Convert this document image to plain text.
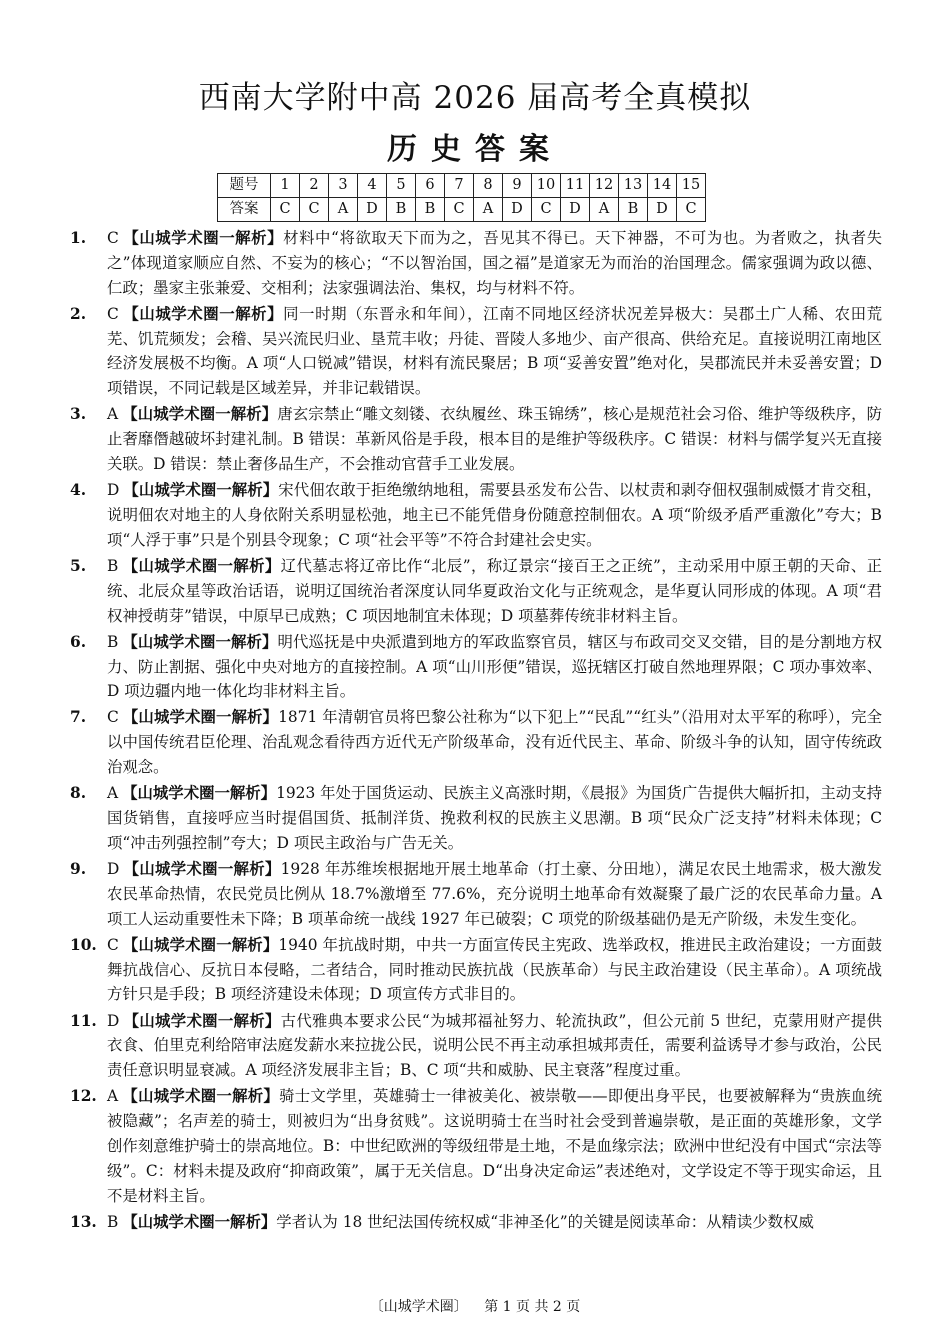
西南大学附中高 2026 届高考全真模拟
历史答案
题号	1	2	3	4	5	6	7	8	9	10	11	12	13	14	15
答案	C	C	A	D	B	B	C	A	D	C	D	A	B	D	C
1.	C 【山城学术圈一解析】材料中“将欲取天下而为之，吾见其不得已。天下神器，不可为也。为者败之，执者失之”体现道家顺应自然、不妄为的核心；“不以智治国，国之福”是道家无为而治的治国理念。儒家强调为政以德、仁政；墨家主张兼爱、交相利；法家强调法治、集权，均与材料不符。
2.	C 【山城学术圈一解析】同一时期（东晋永和年间），江南不同地区经济状况差异极大：吴郡土广人稀、农田荒芜、饥荒频发；会稽、吴兴流民归业、垦荒丰收；丹徒、晋陵人多地少、亩产很高、供给充足。直接说明江南地区经济发展极不均衡。A 项“人口锐减”错误，材料有流民聚居；B 项“妥善安置”绝对化，吴郡流民并未妥善安置；D 项错误，不同记载是区域差异，并非记载错误。
3.	A 【山城学术圈一解析】唐玄宗禁止“雕文刻镂、衣纨履丝、珠玉锦绣”，核心是规范社会习俗、维护等级秩序，防止奢靡僭越破坏封建礼制。B 错误：革新风俗是手段，根本目的是维护等级秩序。C 错误：材料与儒学复兴无直接关联。D 错误：禁止奢侈品生产，不会推动官营手工业发展。
4.	D 【山城学术圈一解析】宋代佃农敢于拒绝缴纳地租，需要县丞发布公告、以杖责和剥夺佃权强制威慑才肯交租，说明佃农对地主的人身依附关系明显松弛，地主已不能凭借身份随意控制佃农。A 项“阶级矛盾严重激化”夸大；B 项“人浮于事”只是个别县令现象；C 项“社会平等”不符合封建社会史实。
5.	B 【山城学术圈一解析】辽代墓志将辽帝比作“北辰”，称辽景宗“接百王之正统”，主动采用中原王朝的天命、正统、北辰众星等政治话语，说明辽国统治者深度认同华夏政治文化与正统观念，是华夏认同形成的体现。A 项“君权神授萌芽”错误，中原早已成熟；C 项因地制宜未体现；D 项墓葬传统非材料主旨。
6.	B 【山城学术圈一解析】明代巡抚是中央派遣到地方的军政监察官员，辖区与布政司交叉交错，目的是分割地方权力、防止割据、强化中央对地方的直接控制。A 项“山川形便”错误，巡抚辖区打破自然地理界限；C 项办事效率、D 项边疆内地一体化均非材料主旨。
7.	C 【山城学术圈一解析】1871 年清朝官员将巴黎公社称为“以下犯上”“民乱”“红头”（沿用对太平军的称呼），完全以中国传统君臣伦理、治乱观念看待西方近代无产阶级革命，没有近代民主、革命、阶级斗争的认知，固守传统政治观念。
8.	A 【山城学术圈一解析】1923 年处于国货运动、民族主义高涨时期，《晨报》为国货广告提供大幅折扣，主动支持国货销售，直接呼应当时提倡国货、抵制洋货、挽救利权的民族主义思潮。B 项“民众广泛支持”材料未体现；C 项“冲击列强控制”夸大；D 项民主政治与广告无关。
9.	D 【山城学术圈一解析】1928 年苏维埃根据地开展土地革命（打土豪、分田地），满足农民土地需求，极大激发农民革命热情，农民党员比例从 18.7%激增至 77.6%，充分说明土地革命有效凝聚了最广泛的农民革命力量。A 项工人运动重要性未下降；B 项革命统一战线 1927 年已破裂；C 项党的阶级基础仍是无产阶级，未发生变化。
10. C 【山城学术圈一解析】1940 年抗战时期，中共一方面宣传民主宪政、选举政权，推进民主政治建设；一方面鼓舞抗战信心、反抗日本侵略，二者结合，同时推动民族抗战（民族革命）与民主政治建设（民主革命）。A 项统战方针只是手段；B 项经济建设未体现；D 项宣传方式非目的。
11. D 【山城学术圈一解析】古代雅典本要求公民“为城邦福祉努力、轮流执政”，但公元前 5 世纪，克蒙用财产提供衣食、伯里克利给陪审法庭发薪水来拉拢公民，说明公民不再主动承担城邦责任，需要利益诱导才参与政治，公民责任意识明显衰减。A 项经济发展非主旨；B、C 项“共和威胁、民主衰落”程度过重。
12. A 【山城学术圈一解析】骑士文学里，英雄骑士一律被美化、被崇敬——即便出身平民，也要被解释为“贵族血统被隐藏”；名声差的骑士，则被归为“出身贫贱”。这说明骑士在当时社会受到普遍崇敬，是正面的英雄形象，文学创作刻意维护骑士的崇高地位。B：中世纪欧洲的等级纽带是土地，不是血缘宗法；欧洲中世纪没有中国式“宗法等级”。C：材料未提及政府“抑商政策”，属于无关信息。D“出身决定命运”表述绝对，文学设定不等于现实命运，且不是材料主旨。
13. B 【山城学术圈一解析】学者认为 18 世纪法国传统权威“非神圣化”的关键是阅读革命：从精读少数权威
〔山城学术圈〕 第 1 页 共 2 页
